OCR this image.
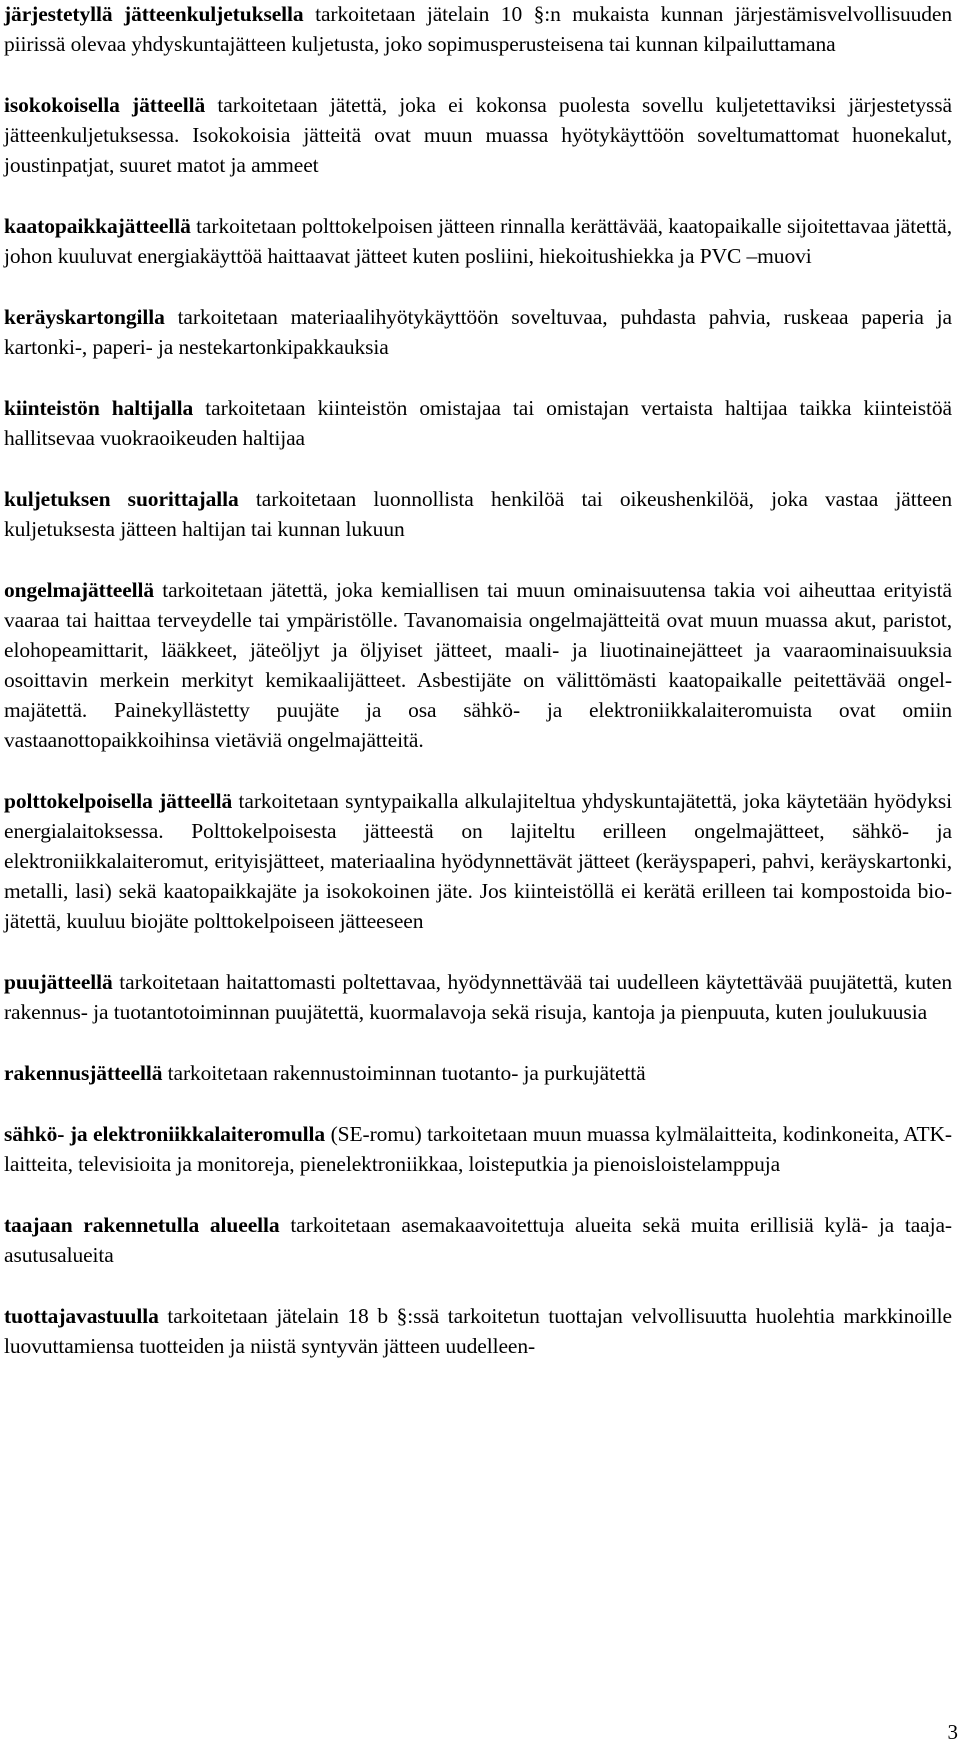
järjestetyllä jätteenkuljetuksella tarkoitetaan jätelain 10 §:n mukaista kunnan järjestämisvelvollisuuden piirissä olevaa yhdyskuntajätteen kuljetusta, joko sopimusperusteisena tai kunnan kilpailuttamana

isokokoisella jätteellä tarkoitetaan jätettä, joka ei kokonsa puolesta sovellu kuljetettaviksi järjestetyssä jätteenkuljetuksessa. Isokokoisia jätteitä ovat muun muassa hyötykäyttöön soveltumattomat huonekalut, joustinpatjat, suuret matot ja ammeet

kaatopaikkajätteellä tarkoitetaan polttokelpoisen jätteen rinnalla kerättävää, kaatopaikalle sijoitettavaa jätettä, johon kuuluvat energiakäyttöä haittaavat jätteet kuten posliini, hiekoitushiekka ja PVC –muovi

keräyskartongilla tarkoitetaan materiaalihyötykäyttöön soveltuvaa, puhdasta pahvia, ruskeaa paperia ja kartonki-, paperi- ja nestekartonkipakkauksia

kiinteistön haltijalla tarkoitetaan kiinteistön omistajaa tai omistajan vertaista haltijaa taikka kiinteistöä hallitsevaa vuokraoikeuden haltijaa

kuljetuksen suorittajalla tarkoitetaan luonnollista henkilöä tai oikeushenkilöä, joka vastaa jätteen kuljetuksesta jätteen haltijan tai kunnan lukuun

ongelmajätteellä tarkoitetaan jätettä, joka kemiallisen tai muun ominaisuutensa takia voi aiheuttaa erityistä vaaraa tai haittaa terveydelle tai ympäristölle. Tavanomaisia ongelmajätteitä ovat muun muassa akut, paristot, elohopeamittarit, lääkkeet, jäteöljyt ja öljyiset jätteet, maali- ja liuotinainejätteet ja vaaraominaisuuksia osoittavin merkein merkityt kemikaalijätteet. Asbestijäte on välittömästi kaatopaikalle peitettävää ongelmajätettä. Painekyllästetty puujäte ja osa sähkö- ja elektroniikkalaiteromuista ovat omiin vastaanottopaikkoihinsa vietäviä ongelmajätteitä.

polttokelpoisella jätteellä tarkoitetaan syntypaikalla alkulajiteltua yhdyskuntajätettä, joka käytetään hyödyksi energialaitoksessa. Polttokelpoisesta jätteestä on lajiteltu erilleen ongelmajätteet, sähkö- ja elektroniikkalaiteromut, erityisjätteet, materiaalina hyödynnettävät jätteet (keräyspaperi, pahvi, keräyskartonki, metalli, lasi) sekä kaatopaikkajäte ja isokokoinen jäte. Jos kiinteistöllä ei kerätä erilleen tai kompostoida biojätettä, kuuluu biojäte polttokelpoiseen jätteeseen

puujätteellä tarkoitetaan haitattomasti poltettavaa, hyödynnettävää tai uudelleen käytettävää puujätettä, kuten rakennus- ja tuotantotoiminnan puujätettä, kuormalavoja sekä risuja, kantoja ja pienpuuta, kuten joulukuusia

rakennusjätteellä tarkoitetaan rakennustoiminnan tuotanto- ja purkujätettä

sähkö- ja elektroniikkalaiteromulla (SE-romu) tarkoitetaan muun muassa kylmälaitteita, kodinkoneita, ATK-laitteita, televisioita ja monitoreja, pienelektroniikkaa, loisteputkia ja pienoisloistelamppuja

taajaan rakennetulla alueella tarkoitetaan asemakaavoitettuja alueita sekä muita erillisiä kylä- ja taaja-asutusalueita

tuottajavastuulla tarkoitetaan jätelain 18 b §:ssä tarkoitetun tuottajan velvollisuutta huolehtia markkinoille luovuttamiensa tuotteiden ja niistä syntyvän jätteen uudelleen-

3
